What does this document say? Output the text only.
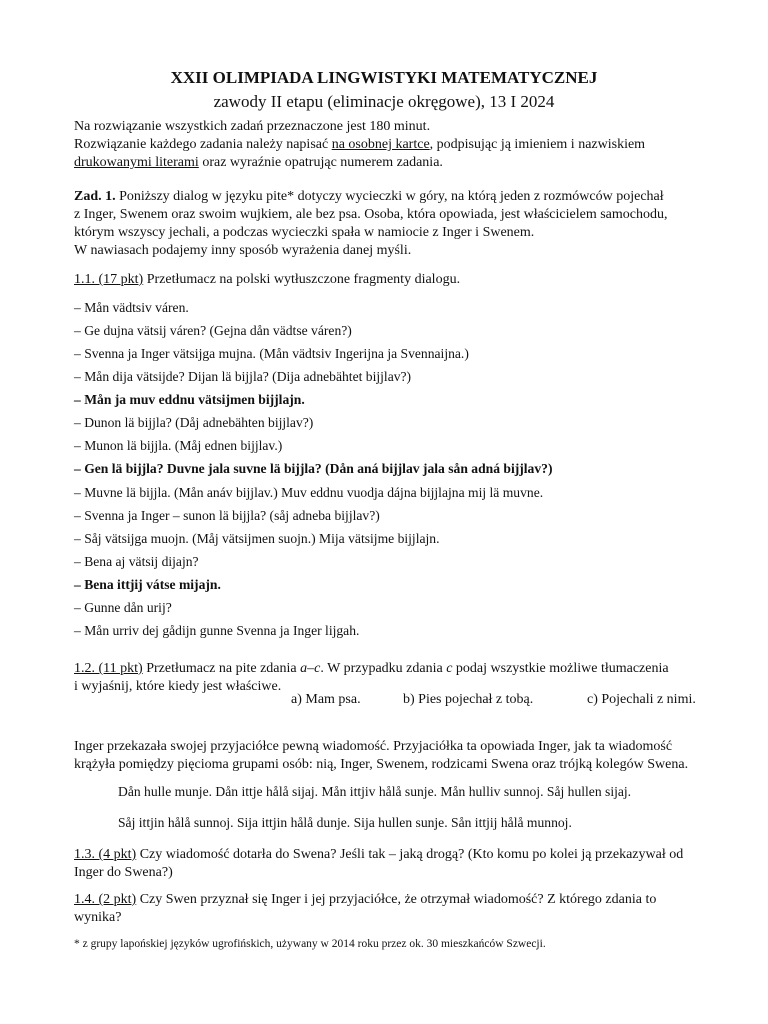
XXII OLIMPIADA LINGWISTYKI MATEMATYCZNEJ
zawody II etapu (eliminacje okręgowe), 13 I 2024
Na rozwiązanie wszystkich zadań przeznaczone jest 180 minut.
Rozwiązanie każdego zadania należy napisać na osobnej kartce, podpisując ją imieniem i nazwiskiem
drukowanymi literami oraz wyraźnie opatrując numerem zadania.
Zad. 1. Poniższy dialog w języku pite* dotyczy wycieczki w góry, na którą jeden z rozmówców pojechał
z Inger, Swenem oraz swoim wujkiem, ale bez psa. Osoba, która opowiada, jest właścicielem samochodu,
którym wszyscy jechali, a podczas wycieczki spała w namiocie z Inger i Swenem.
W nawiasach podajemy inny sposób wyrażenia danej myśli.
1.1. (17 pkt) Przetłumacz na polski wytłuszczone fragmenty dialogu.
– Mån vädtsiv váren.
– Ge dujna vätsij váren? (Gejna dån vädtse váren?)
– Svenna ja Inger vätsijga mujna. (Mån vädtsiv Ingerijna ja Svennaijna.)
– Mån dija vätsijde? Dijan lä bijjla? (Dija adnebähtet bijjlav?)
– Mån ja muv eddnu vätsijmen bijjlajn.
– Dunon lä bijjla? (Dåj adnebähten bijjlav?)
– Munon lä bijjla. (Måj ednen bijjlav.)
– Gen lä bijjla? Duvne jala suvne lä bijjla? (Dån aná bijjlav jala sån adná bijjlav?)
– Muvne lä bijjla. (Mån anáv bijjlav.) Muv eddnu vuodja dájna bijjlajna mij lä muvne.
– Svenna ja Inger – sunon lä bijjla? (såj adneba bijjlav?)
– Såj vätsijga muojn. (Måj vätsijmen suojn.) Mija vätsijme bijjlajn.
– Bena aj vätsij dijajn?
– Bena ittjij vátse mijajn.
– Gunne dån urij?
– Mån urriv dej gådijn gunne Svenna ja Inger lijgah.
1.2. (11 pkt) Przetłumacz na pite zdania a–c. W przypadku zdania c podaj wszystkie możliwe tłumaczenia
i wyjaśnij, które kiedy jest właściwe.
a) Mam psa.	b) Pies pojechał z tobą.	c) Pojechali z nimi.
Inger przekazała swojej przyjaciółce pewną wiadomość. Przyjaciółka ta opowiada Inger, jak ta wiadomość
krążyła pomiędzy pięcioma grupami osób: nią, Inger, Swenem, rodzicami Swena oraz trójką kolegów Swena.
Dån hulle munje. Dån ittje hålå sijaj. Mån ittjiv hålå sunje. Mån hulliv sunnoj. Såj hullen sijaj.
Såj ittjin hålå sunnoj. Sija ittjin hålå dunje. Sija hullen sunje. Sån ittjij hålå munnoj.
1.3. (4 pkt) Czy wiadomość dotarła do Swena? Jeśli tak – jaką drogą? (Kto komu po kolei ją przekazywał od
Inger do Swena?)
1.4. (2 pkt) Czy Swen przyznał się Inger i jej przyjaciółce, że otrzymał wiadomość? Z którego zdania to
wynika?
* z grupy lapońskiej języków ugrofińskich, używany w 2014 roku przez ok. 30 mieszkańców Szwecji.
